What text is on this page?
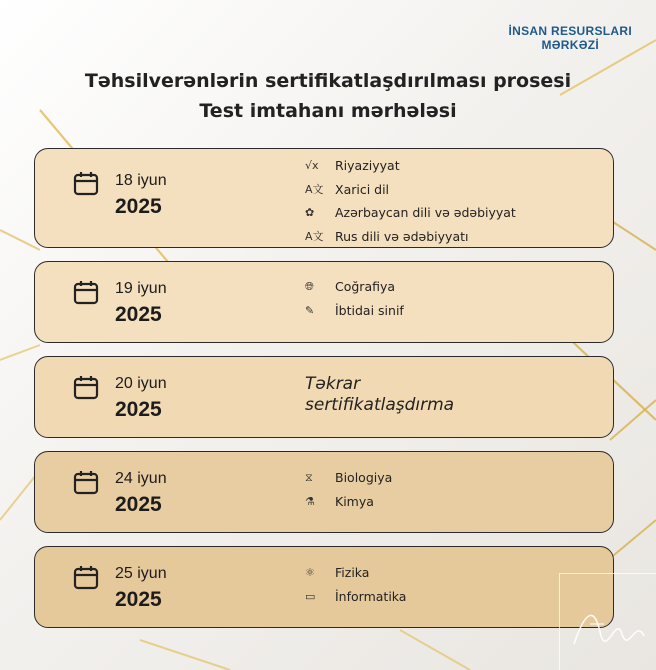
İNSAN RESURSLARI
MƏRKƏZİ
Təhsilverənlərin sertifikatlaşdırılması prosesi
Test imtahanı mərhələsi
18 iyun
2025
√x	Riyaziyyat
A文 Xarici dil
✿	Azərbaycan dili və ədəbiyyat
A文 Rus dili və ədəbiyyatı
19 iyun
2025
🌐︎	Coğrafiya
✎	İbtidai sinif
20 iyun
2025
Təkrar
sertifikatlaşdırma
24 iyun
2025
⧖	Biologiya
⚗	Kimya
25 iyun
2025
⚛	Fizika
▭	İnformatika
